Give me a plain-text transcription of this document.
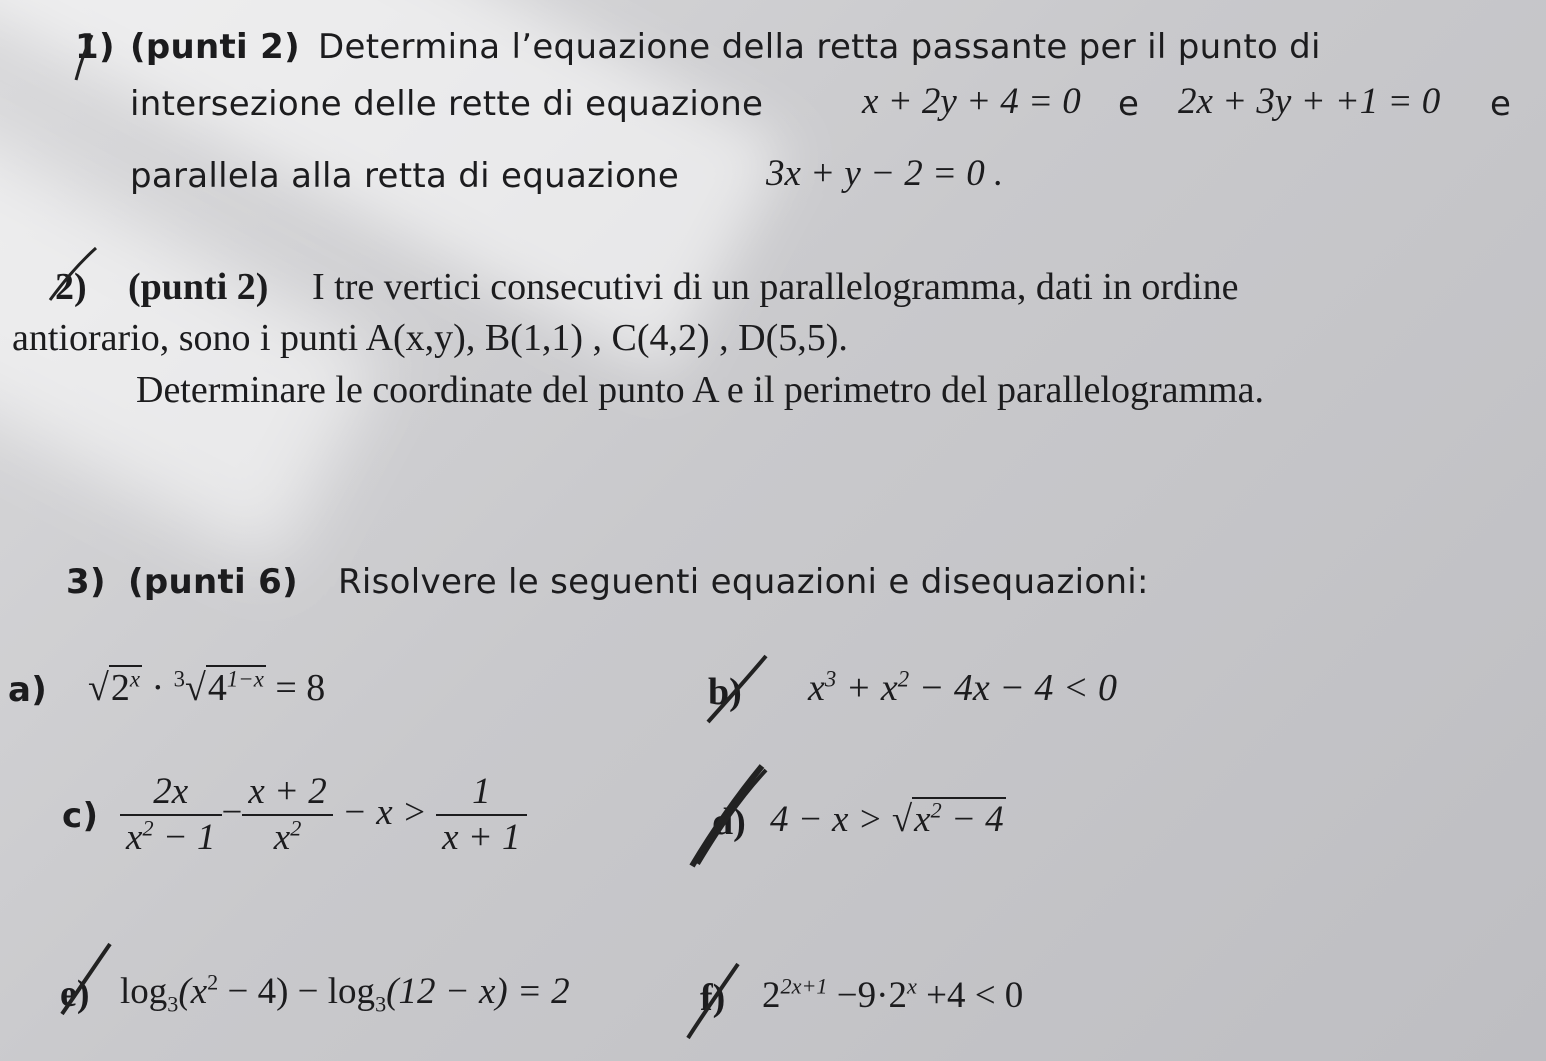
1) (punti 2) Determina l’equazione della retta passante per il punto di
intersezione delle rette di equazione	x + 2y + 4 = 0 e 2x + 3y + +1 = 0 e
parallela alla retta di equazione 3x + y − 2 = 0 .
2) (punti 2) I tre vertici consecutivi di un parallelogramma, dati in ordine
antiorario, sono i punti A(x,y), B(1,1) , C(4,2) , D(5,5).
Determinare le coordinate del punto A e il perimetro del parallelogramma.
3) (punti 6) Risolvere le seguenti equazioni e disequazioni:
a) $√2^x \cdot ^3√4^{1-x} = 8$	b) $x^3 + x^2 - 4x - 4 < 0$
$c) \frac{2x}{x^2 - 1} - \frac{x + 2}{x^2} - x > \frac{1}{x + 1}$	d) $4 - x > √x^2 - 4$
e) $\log_3(x^2 - 4) - \log_3(12 - x) = 2$	f) $2^{2x+1} -9\cdot 2^x +4 < 0$
